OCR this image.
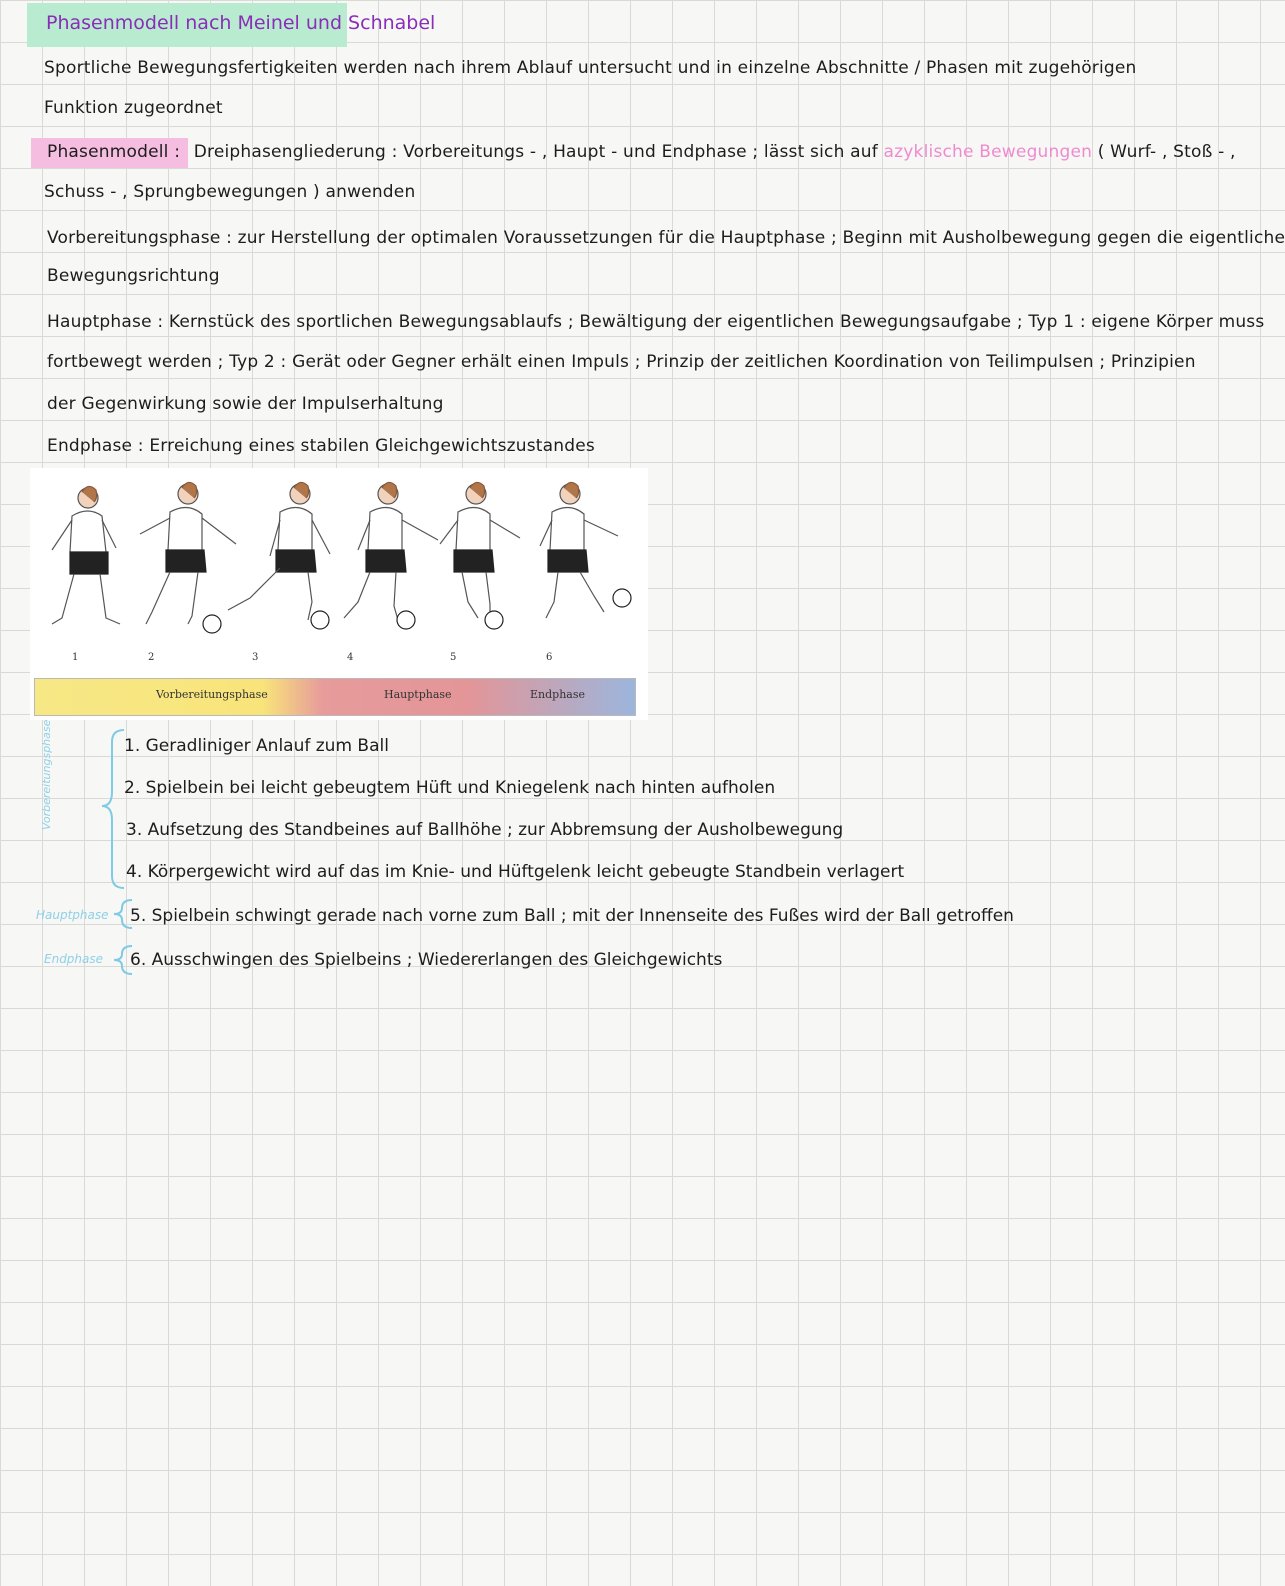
Phasenmodell nach Meinel und Schnabel
Sportliche Bewegungsfertigkeiten werden nach ihrem Ablauf untersucht und in einzelne Abschnitte / Phasen mit zugehörigen
Funktion zugeordnet
Phasenmodell : Dreiphasengliederung : Vorbereitungs - , Haupt - und Endphase ; lässt sich auf azyklische Bewegungen ( Wurf- , Stoß - ,
Schuss - , Sprungbewegungen ) anwenden
Vorbereitungsphase : zur Herstellung der optimalen Voraussetzungen für die Hauptphase ; Beginn mit Ausholbewegung gegen die eigentliche
Bewegungsrichtung
Hauptphase : Kernstück des sportlichen Bewegungsablaufs ; Bewältigung der eigentlichen Bewegungsaufgabe ; Typ 1 : eigene Körper muss
fortbewegt werden ; Typ 2 : Gerät oder Gegner erhält einen Impuls ; Prinzip der zeitlichen Koordination von Teilimpulsen ; Prinzipien
der Gegenwirkung sowie der Impulserhaltung
Endphase : Erreichung eines stabilen Gleichgewichtszustandes
1	2	3	4	5	6
Vorbereitungsphase	Hauptphase	Endphase
Vorbereitungsphase
Hauptphase
Endphase
1. Geradliniger Anlauf zum Ball
2. Spielbein bei leicht gebeugtem Hüft und Kniegelenk nach hinten aufholen
3. Aufsetzung des Standbeines auf Ballhöhe ; zur Abbremsung der Ausholbewegung
4. Körpergewicht wird auf das im Knie- und Hüftgelenk leicht gebeugte Standbein verlagert
5. Spielbein schwingt gerade nach vorne zum Ball ; mit der Innenseite des Fußes wird der Ball getroffen
6. Ausschwingen des Spielbeins ; Wiedererlangen des Gleichgewichts
